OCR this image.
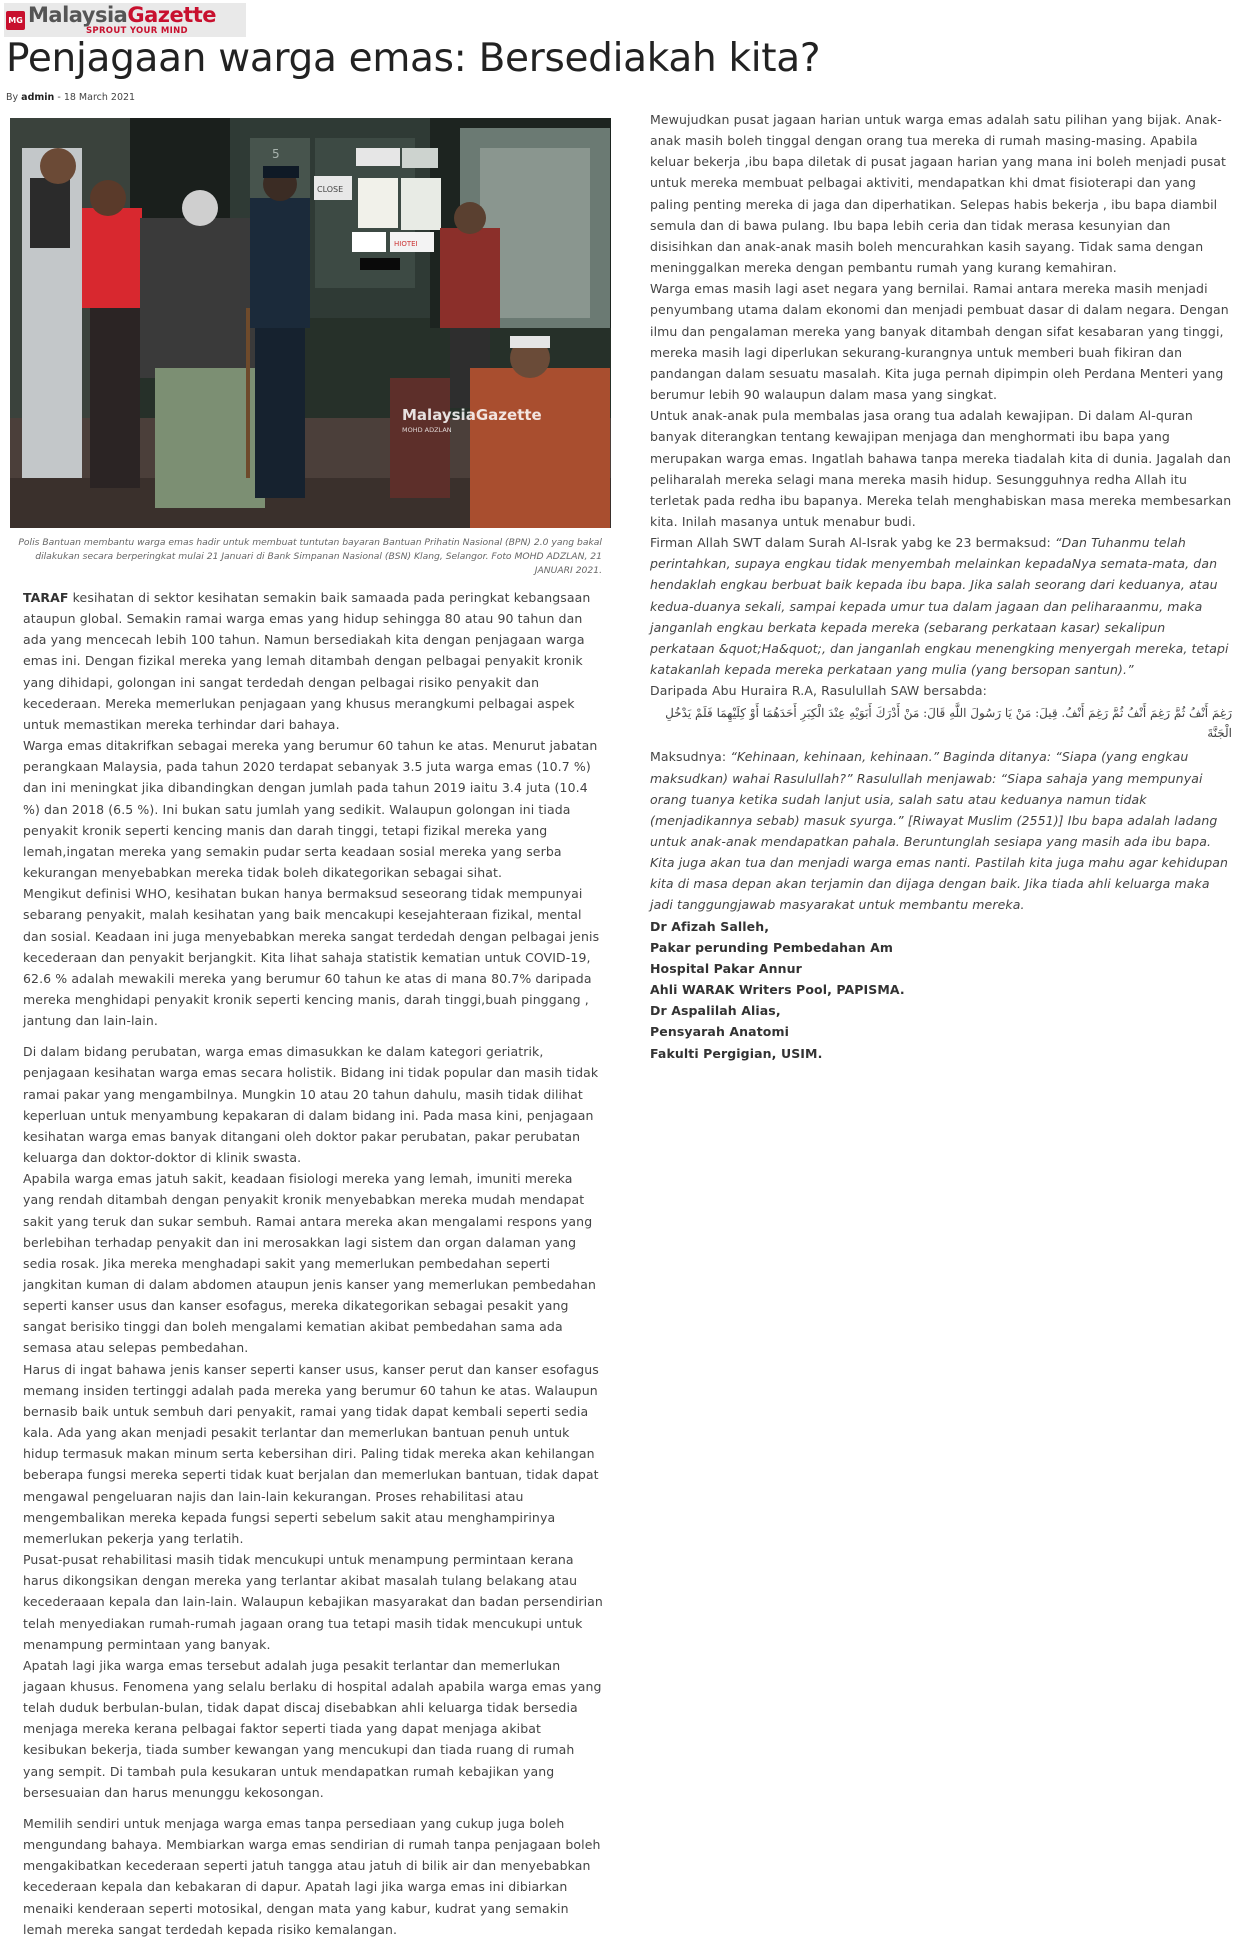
MG MalaysiaGazette
SPROUT YOUR MIND
Penjagaan warga emas: Bersediakah kita?
By admin - 18 March 2021
CLOSE
HIOTEI
5
MalaysiaGazette
MOHD ADZLAN
Polis Bantuan membantu warga emas hadir untuk membuat tuntutan bayaran Bantuan Prihatin Nasional (BPN) 2.0 yang bakal dilakukan secara berperingkat mulai 21 Januari di Bank Simpanan Nasional (BSN) Klang, Selangor. Foto MOHD ADZLAN, 21 JANUARI 2021.

TARAF kesihatan di sektor kesihatan semakin baik samaada pada peringkat kebangsaan ataupun global. Semakin ramai warga emas yang hidup sehingga 80 atau 90 tahun dan ada yang mencecah lebih 100 tahun. Namun bersediakah kita dengan penjagaan warga emas ini. Dengan fizikal mereka yang lemah ditambah dengan pelbagai penyakit kronik yang dihidapi, golongan ini sangat terdedah dengan pelbagai risiko penyakit dan kecederaan. Mereka memerlukan penjagaan yang khusus merangkumi pelbagai aspek untuk memastikan mereka terhindar dari bahaya.

Warga emas ditakrifkan sebagai mereka yang berumur 60 tahun ke atas. Menurut jabatan perangkaan Malaysia, pada tahun 2020 terdapat sebanyak 3.5 juta warga emas (10.7 %) dan ini meningkat jika dibandingkan dengan jumlah pada tahun 2019 iaitu 3.4 juta (10.4 %) dan 2018 (6.5 %). Ini bukan satu jumlah yang sedikit. Walaupun golongan ini tiada penyakit kronik seperti kencing manis dan darah tinggi, tetapi fizikal mereka yang lemah,ingatan mereka yang semakin pudar serta keadaan sosial mereka yang serba kekurangan menyebabkan mereka tidak boleh dikategorikan sebagai sihat.

Mengikut definisi WHO, kesihatan bukan hanya bermaksud seseorang tidak mempunyai sebarang penyakit, malah kesihatan yang baik mencakupi kesejahteraan fizikal, mental dan sosial. Keadaan ini juga menyebabkan mereka sangat terdedah dengan pelbagai jenis kecederaan dan penyakit berjangkit. Kita lihat sahaja statistik kematian untuk COVID-19, 62.6 % adalah mewakili mereka yang berumur 60 tahun ke atas di mana 80.7% daripada mereka menghidapi penyakit kronik seperti kencing manis, darah tinggi,buah pinggang , jantung dan lain-lain.

Di dalam bidang perubatan, warga emas dimasukkan ke dalam kategori geriatrik, penjagaan kesihatan warga emas secara holistik. Bidang ini tidak popular dan masih tidak ramai pakar yang mengambilnya. Mungkin 10 atau 20 tahun dahulu, masih tidak dilihat keperluan untuk menyambung kepakaran di dalam bidang ini. Pada masa kini, penjagaan kesihatan warga emas banyak ditangani oleh doktor pakar perubatan, pakar perubatan keluarga dan doktor-doktor di klinik swasta.

Apabila warga emas jatuh sakit, keadaan fisiologi mereka yang lemah, imuniti mereka yang rendah ditambah dengan penyakit kronik menyebabkan mereka mudah mendapat sakit yang teruk dan sukar sembuh. Ramai antara mereka akan mengalami respons yang berlebihan terhadap penyakit dan ini merosakkan lagi sistem dan organ dalaman yang sedia rosak. Jika mereka menghadapi sakit yang memerlukan pembedahan seperti jangkitan kuman di dalam abdomen ataupun jenis kanser yang memerlukan pembedahan seperti kanser usus dan kanser esofagus, mereka dikategorikan sebagai pesakit yang sangat berisiko tinggi dan boleh mengalami kematian akibat pembedahan sama ada semasa atau selepas pembedahan.

Harus di ingat bahawa jenis kanser seperti kanser usus, kanser perut dan kanser esofagus memang insiden tertinggi adalah pada mereka yang berumur 60 tahun ke atas. Walaupun bernasib baik untuk sembuh dari penyakit, ramai yang tidak dapat kembali seperti sedia kala. Ada yang akan menjadi pesakit terlantar dan memerlukan bantuan penuh untuk hidup termasuk makan minum serta kebersihan diri. Paling tidak mereka akan kehilangan beberapa fungsi mereka seperti tidak kuat berjalan dan memerlukan bantuan, tidak dapat mengawal pengeluaran najis dan lain-lain kekurangan. Proses rehabilitasi atau mengembalikan mereka kepada fungsi seperti sebelum sakit atau menghampirinya memerlukan pekerja yang terlatih.

Pusat-pusat rehabilitasi masih tidak mencukupi untuk menampung permintaan kerana harus dikongsikan dengan mereka yang terlantar akibat masalah tulang belakang atau kecederaaan kepala dan lain-lain. Walaupun kebajikan masyarakat dan badan persendirian telah menyediakan rumah-rumah jagaan orang tua tetapi masih tidak mencukupi untuk menampung permintaan yang banyak.

Apatah lagi jika warga emas tersebut adalah juga pesakit terlantar dan memerlukan jagaan khusus. Fenomena yang selalu berlaku di hospital adalah apabila warga emas yang telah duduk berbulan-bulan, tidak dapat discaj disebabkan ahli keluarga tidak bersedia menjaga mereka kerana pelbagai faktor seperti tiada yang dapat menjaga akibat kesibukan bekerja, tiada sumber kewangan yang mencukupi dan tiada ruang di rumah yang sempit. Di tambah pula kesukaran untuk mendapatkan rumah kebajikan yang bersesuaian dan harus menunggu kekosongan.

Memilih sendiri untuk menjaga warga emas tanpa persediaan yang cukup juga boleh mengundang bahaya. Membiarkan warga emas sendirian di rumah tanpa penjagaan boleh mengakibatkan kecederaan seperti jatuh tangga atau jatuh di bilik air dan menyebabkan kecederaan kepala dan kebakaran di dapur. Apatah lagi jika warga emas ini dibiarkan menaiki kenderaan seperti motosikal, dengan mata yang kabur, kudrat yang semakin lemah mereka sangat terdedah kepada risiko kemalangan.

Mewujudkan pusat jagaan harian untuk warga emas adalah satu pilihan yang bijak. Anak-anak masih boleh tinggal dengan orang tua mereka di rumah masing-masing. Apabila keluar bekerja ,ibu bapa diletak di pusat jagaan harian yang mana ini boleh menjadi pusat untuk mereka membuat pelbagai aktiviti, mendapatkan khi dmat fisioterapi dan yang paling penting mereka di jaga dan diperhatikan. Selepas habis bekerja , ibu bapa diambil semula dan di bawa pulang. Ibu bapa lebih ceria dan tidak merasa kesunyian dan disisihkan dan anak-anak masih boleh mencurahkan kasih sayang. Tidak sama dengan meninggalkan mereka dengan pembantu rumah yang kurang kemahiran.

Warga emas masih lagi aset negara yang bernilai. Ramai antara mereka masih menjadi penyumbang utama dalam ekonomi dan menjadi pembuat dasar di dalam negara. Dengan ilmu dan pengalaman mereka yang banyak ditambah dengan sifat kesabaran yang tinggi, mereka masih lagi diperlukan sekurang-kurangnya untuk memberi buah fikiran dan pandangan dalam sesuatu masalah. Kita juga pernah dipimpin oleh Perdana Menteri yang berumur lebih 90 walaupun dalam masa yang singkat.

Untuk anak-anak pula membalas jasa orang tua adalah kewajipan. Di dalam Al-quran banyak diterangkan tentang kewajipan menjaga dan menghormati ibu bapa yang merupakan warga emas. Ingatlah bahawa tanpa mereka tiadalah kita di dunia. Jagalah dan peliharalah mereka selagi mana mereka masih hidup. Sesungguhnya redha Allah itu terletak pada redha ibu bapanya. Mereka telah menghabiskan masa mereka membesarkan kita. Inilah masanya untuk menabur budi.

Firman Allah SWT dalam Surah Al-Israk yabg ke 23 bermaksud: “Dan Tuhanmu telah perintahkan, supaya engkau tidak menyembah melainkan kepadaNya semata-mata, dan hendaklah engkau berbuat baik kepada ibu bapa. Jika salah seorang dari keduanya, atau kedua-duanya sekali, sampai kepada umur tua dalam jagaan dan peliharaanmu, maka janganlah engkau berkata kepada mereka (sebarang perkataan kasar) sekalipun perkataan &quot;Ha&quot;, dan janganlah engkau menengking menyergah mereka, tetapi katakanlah kepada mereka perkataan yang mulia (yang bersopan santun).”

Daripada Abu Huraira R.A, Rasulullah SAW bersabda:

رَغِمَ أَنْفُ ثُمَّ رَغِمَ أَنْفُ ثُمَّ رَغِمَ أَنْفُ. قِيلَ: مَنْ يَا رَسُولَ اللَّهِ قَالَ: مَنْ أَدْرَكَ أَبَوَيْهِ عِنْدَ الْكِبَرِ أَحَدَهُمَا أَوْ كِلَيْهِمَا فَلَمْ يَدْخُلِ الْجَنَّةَ

Maksudnya: “Kehinaan, kehinaan, kehinaan.” Baginda ditanya: “Siapa (yang engkau maksudkan) wahai Rasulullah?” Rasulullah menjawab: “Siapa sahaja yang mempunyai orang tuanya ketika sudah lanjut usia, salah satu atau keduanya namun tidak (menjadikannya sebab) masuk syurga.” [Riwayat Muslim (2551)] Ibu bapa adalah ladang untuk anak-anak mendapatkan pahala. Beruntunglah sesiapa yang masih ada ibu bapa. Kita juga akan tua dan menjadi warga emas nanti. Pastilah kita juga mahu agar kehidupan kita di masa depan akan terjamin dan dijaga dengan baik. Jika tiada ahli keluarga maka jadi tanggungjawab masyarakat untuk membantu mereka.

Dr Afizah Salleh,

Pakar perunding Pembedahan Am

Hospital Pakar Annur

Ahli WARAK Writers Pool, PAPISMA.

Dr Aspalilah Alias,

Pensyarah Anatomi

Fakulti Pergigian, USIM.
